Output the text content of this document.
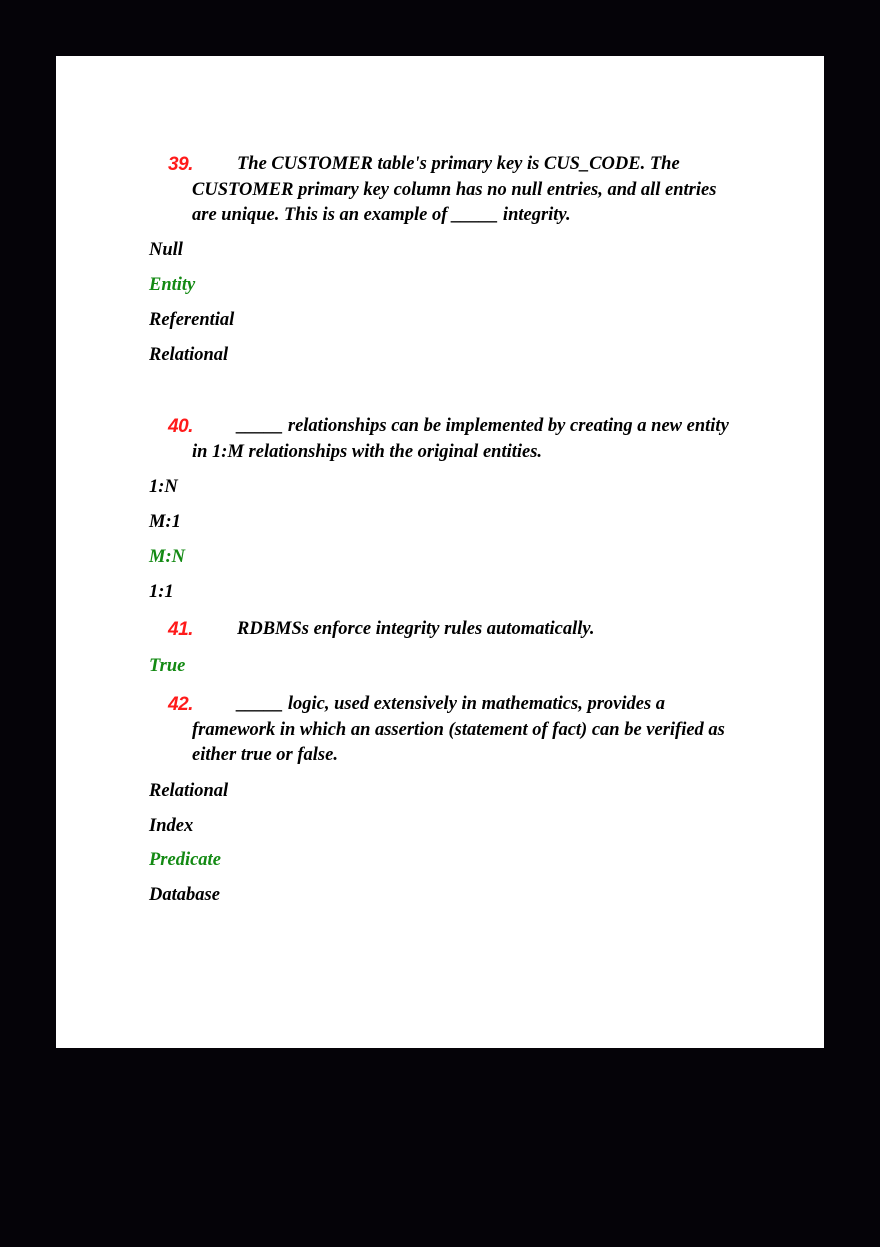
39.	The CUSTOMER table's primary key is CUS_CODE. The CUSTOMER primary key column has no null entries, and all entries are unique. This is an example of _____ integrity.
Null
Entity
Referential
Relational
40.	_____ relationships can be implemented by creating a new entity in 1:M relationships with the original entities.
1:N
M:1
M:N
1:1
41.	RDBMSs enforce integrity rules automatically.
True
42.	_____ logic, used extensively in mathematics, provides a framework in which an assertion (statement of fact) can be verified as either true or false.
Relational
Index
Predicate
Database
